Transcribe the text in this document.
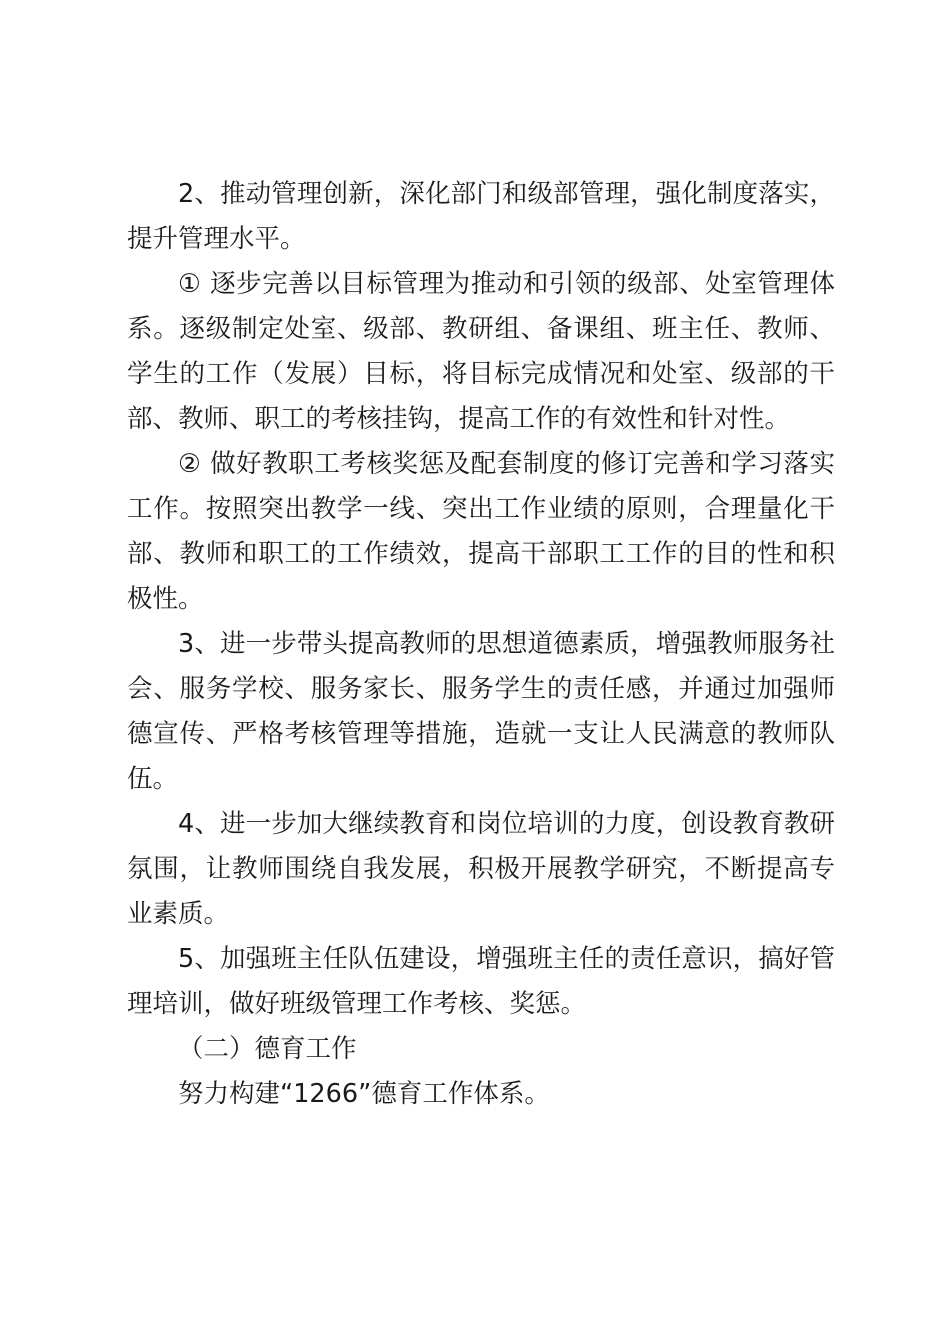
2、推动管理创新，深化部门和级部管理，强化制度落实，提升管理水平。

① 逐步完善以目标管理为推动和引领的级部、处室管理体系。逐级制定处室、级部、教研组、备课组、班主任、教师、学生的工作（发展）目标，将目标完成情况和处室、级部的干部、教师、职工的考核挂钩，提高工作的有效性和针对性。

② 做好教职工考核奖惩及配套制度的修订完善和学习落实工作。按照突出教学一线、突出工作业绩的原则，合理量化干部、教师和职工的工作绩效，提高干部职工工作的目的性和积极性。

3、进一步带头提高教师的思想道德素质，增强教师服务社会、服务学校、服务家长、服务学生的责任感，并通过加强师德宣传、严格考核管理等措施，造就一支让人民满意的教师队伍。

4、进一步加大继续教育和岗位培训的力度，创设教育教研氛围，让教师围绕自我发展，积极开展教学研究，不断提高专业素质。

5、加强班主任队伍建设，增强班主任的责任意识，搞好管理培训，做好班级管理工作考核、奖惩。

（二）德育工作

努力构建“1266”德育工作体系。
